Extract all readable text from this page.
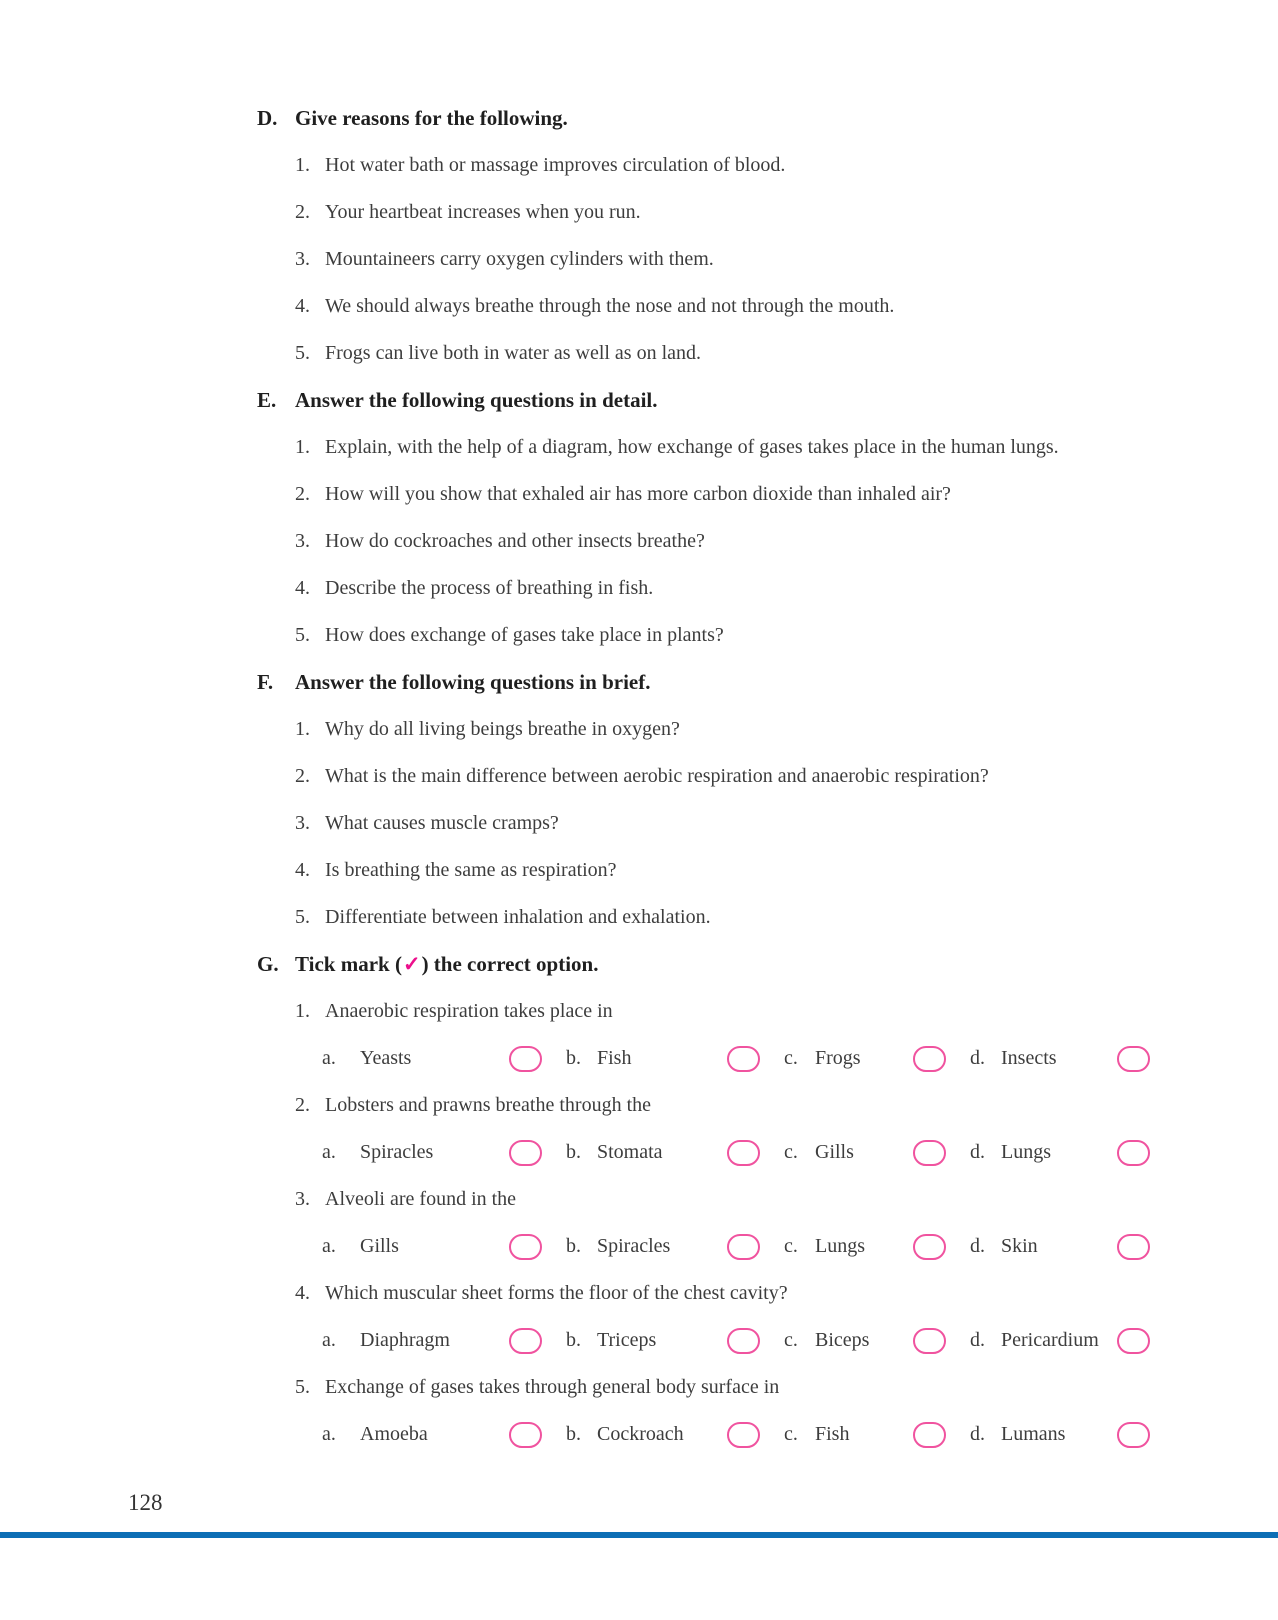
D. Give reasons for the following.
1. Hot water bath or massage improves circulation of blood.
2. Your heartbeat increases when you run.
3. Mountaineers carry oxygen cylinders with them.
4. We should always breathe through the nose and not through the mouth.
5. Frogs can live both in water as well as on land.
E. Answer the following questions in detail.
1. Explain, with the help of a diagram, how exchange of gases takes place in the human lungs.
2. How will you show that exhaled air has more carbon dioxide than inhaled air?
3. How do cockroaches and other insects breathe?
4. Describe the process of breathing in fish.
5. How does exchange of gases take place in plants?
F.	Answer the following questions in brief.
1. Why do all living beings breathe in oxygen?
2. What is the main difference between aerobic respiration and anaerobic respiration?
3. What causes muscle cramps?
4. Is breathing the same as respiration?
5. Differentiate between inhalation and exhalation.
G. Tick mark (✓) the correct option.
1. Anaerobic respiration takes place in
a.	Yeasts	b. Fish	c. Frogs	d. Insects
2. Lobsters and prawns breathe through the
a.	Spiracles	b. Stomata	c. Gills	d. Lungs
3. Alveoli are found in the
a.	Gills	b. Spiracles	c. Lungs	d. Skin
4. Which muscular sheet forms the floor of the chest cavity?
a.	Diaphragm	b. Triceps	c. Biceps	d. Pericardium
5. Exchange of gases takes through general body surface in
a.	Amoeba	b. Cockroach	c. Fish	d. Lumans
128
